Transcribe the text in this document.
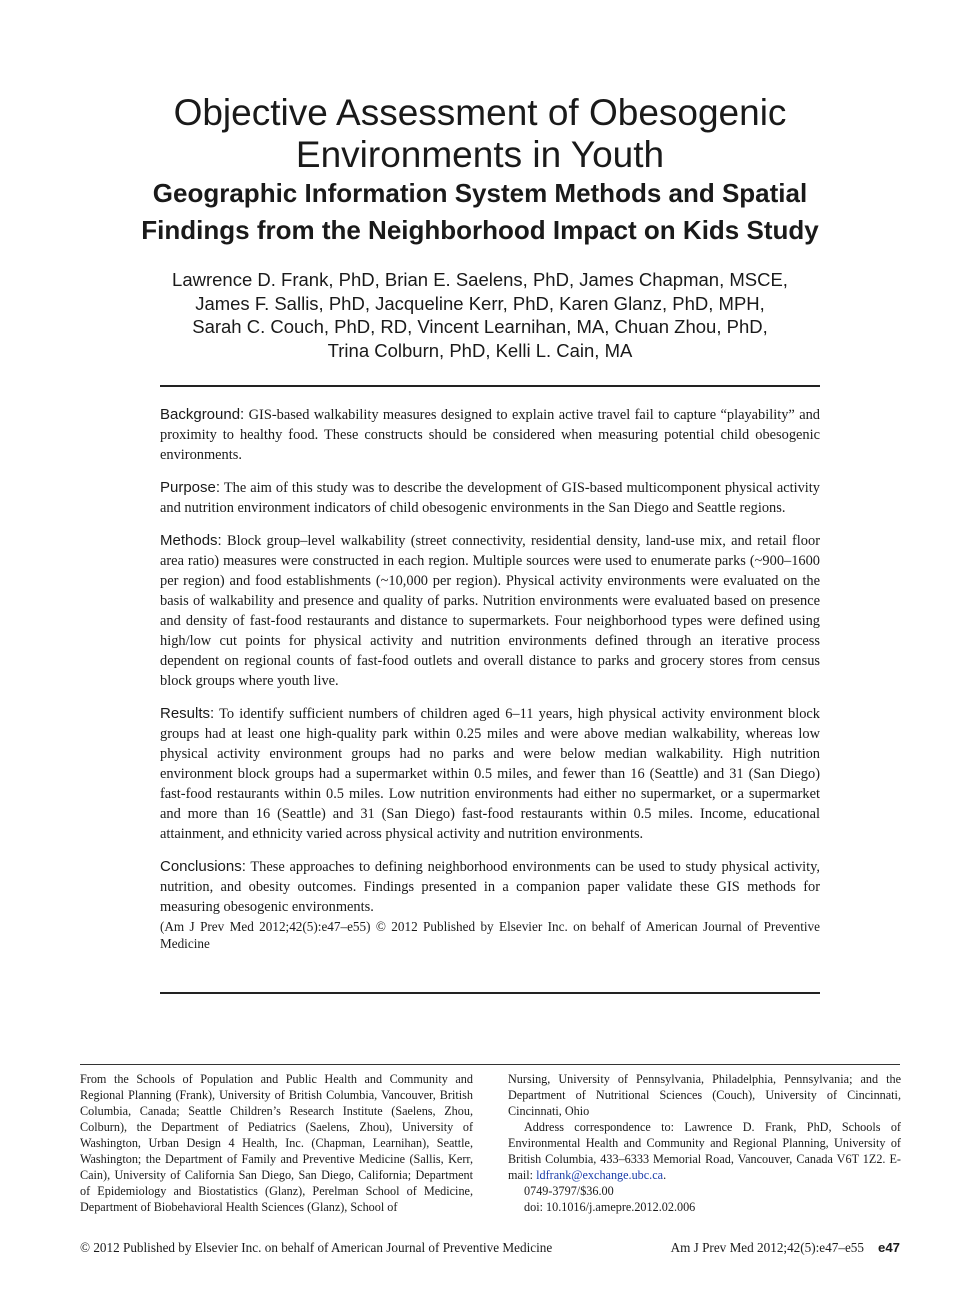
Objective Assessment of Obesogenic
Environments in Youth
Geographic Information System Methods and Spatial
Findings from the Neighborhood Impact on Kids Study
Lawrence D. Frank, PhD, Brian E. Saelens, PhD, James Chapman, MSCE,
James F. Sallis, PhD, Jacqueline Kerr, PhD, Karen Glanz, PhD, MPH,
Sarah C. Couch, PhD, RD, Vincent Learnihan, MA, Chuan Zhou, PhD,
Trina Colburn, PhD, Kelli L. Cain, MA

Background: GIS-based walkability measures designed to explain active travel fail to capture “playability” and proximity to healthy food. These constructs should be considered when measuring potential child obesogenic environments.

Purpose: The aim of this study was to describe the development of GIS-based multicomponent physical activity and nutrition environment indicators of child obesogenic environments in the San Diego and Seattle regions.

Methods: Block group–level walkability (street connectivity, residential density, land-use mix, and retail floor area ratio) measures were constructed in each region. Multiple sources were used to enumerate parks (~900–1600 per region) and food establishments (~10,000 per region). Physical activity environments were evaluated on the basis of walkability and presence and quality of parks. Nutrition environments were evaluated based on presence and density of fast-food restaurants and distance to supermarkets. Four neighborhood types were defined using high/low cut points for physical activity and nutrition environments defined through an iterative process dependent on regional counts of fast-food outlets and overall distance to parks and grocery stores from census block groups where youth live.

Results: To identify sufficient numbers of children aged 6–11 years, high physical activity environment block groups had at least one high-quality park within 0.25 miles and were above median walkability, whereas low physical activity environment groups had no parks and were below median walkability. High nutrition environment block groups had a supermarket within 0.5 miles, and fewer than 16 (Seattle) and 31 (San Diego) fast-food restaurants within 0.5 miles. Low nutrition environments had either no supermarket, or a supermarket and more than 16 (Seattle) and 31 (San Diego) fast-food restaurants within 0.5 miles. Income, educational attainment, and ethnicity varied across physical activity and nutrition environments.

Conclusions: These approaches to defining neighborhood environments can be used to study physical activity, nutrition, and obesity outcomes. Findings presented in a companion paper validate these GIS methods for measuring obesogenic environments.

(Am J Prev Med 2012;42(5):e47–e55) © 2012 Published by Elsevier Inc. on behalf of American Journal of Preventive Medicine

From the Schools of Population and Public Health and Community and Regional Planning (Frank), University of British Columbia, Vancouver, British Columbia, Canada; Seattle Children’s Research Institute (Saelens, Zhou, Colburn), the Department of Pediatrics (Saelens, Zhou), University of Washington, Urban Design 4 Health, Inc. (Chapman, Learnihan), Seattle, Washington; the Department of Family and Preventive Medicine (Sallis, Kerr, Cain), University of California San Diego, San Diego, California; Department of Epidemiology and Biostatistics (Glanz), Perelman School of Medicine, Department of Biobehavioral Health Sciences (Glanz), School of

Nursing, University of Pennsylvania, Philadelphia, Pennsylvania; and the Department of Nutritional Sciences (Couch), University of Cincinnati, Cincinnati, Ohio

Address correspondence to: Lawrence D. Frank, PhD, Schools of Environmental Health and Community and Regional Planning, University of British Columbia, 433–6333 Memorial Road, Vancouver, Canada V6T 1Z2. E-mail: ldfrank@exchange.ubc.ca.

0749-3797/$36.00

doi: 10.1016/j.amepre.2012.02.006

© 2012 Published by Elsevier Inc. on behalf of American Journal of Preventive Medicine	Am J Prev Med 2012;42(5):e47–e55 e47
